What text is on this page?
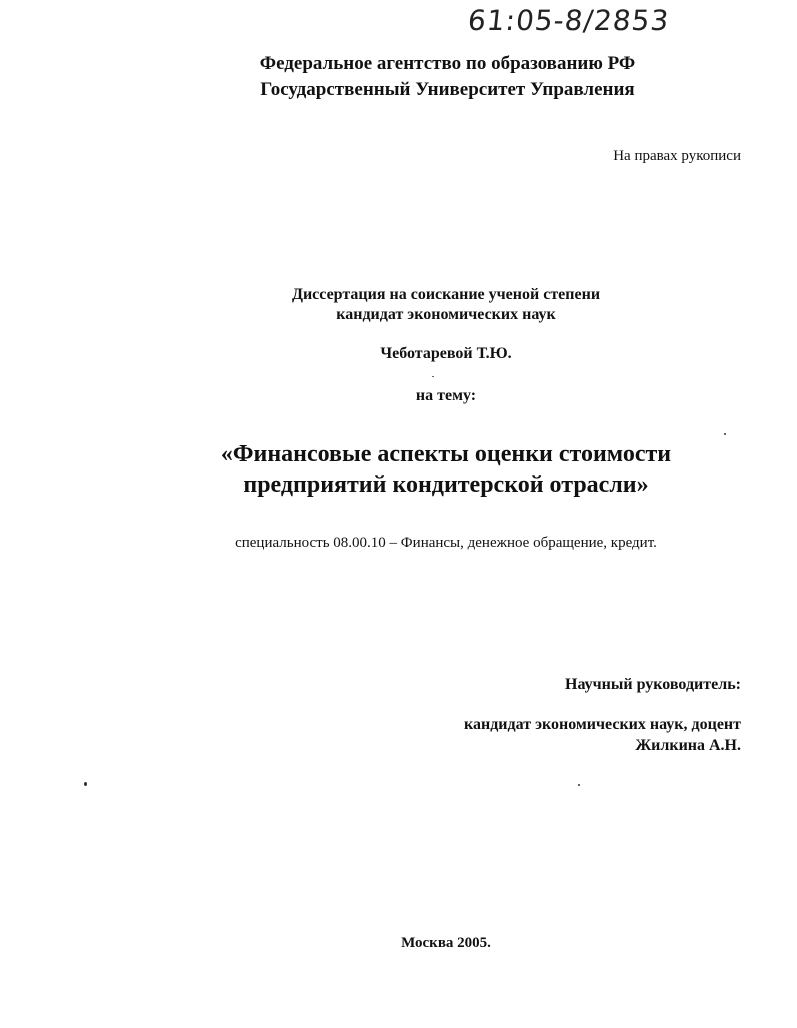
61:05-8/2853
Федеральное агентство по образованию РФ
Государственный Университет Управления
На правах рукописи
Диссертация на соискание ученой степени
кандидат экономических наук
Чеботаревой Т.Ю.
на тему:
«Финансовые аспекты оценки стоимости
предприятий кондитерской отрасли»
специальность 08.00.10 – Финансы, денежное обращение, кредит.
Научный руководитель:
кандидат экономических наук, доцент
Жилкина А.Н.
Москва 2005.
